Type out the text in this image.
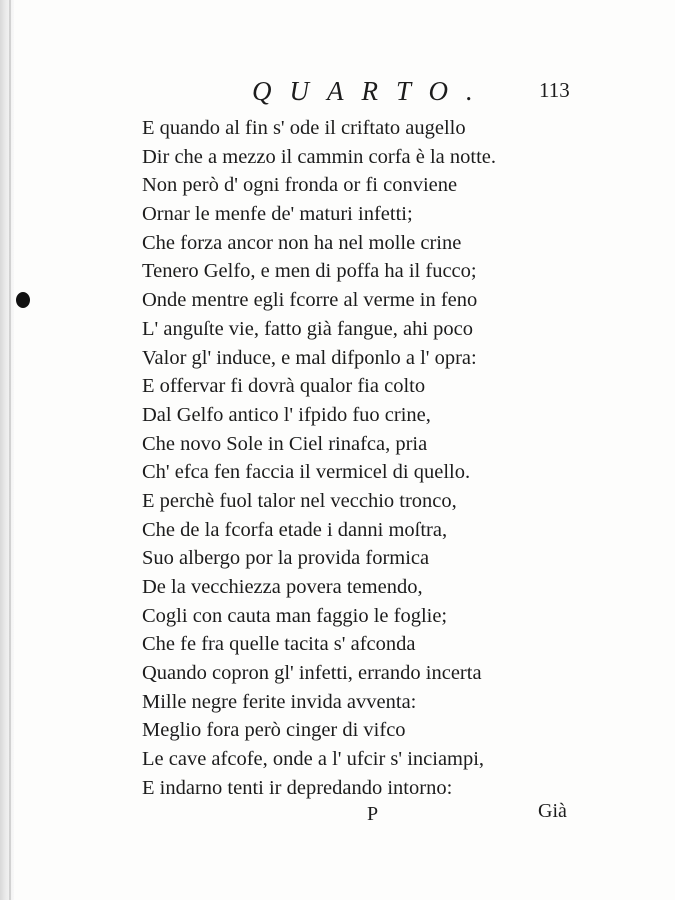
QUARTO. 113
E quando al fin s' ode il criftato augello
Dir che a mezzo il cammin corfa è la notte.
Non però d' ogni fronda or fi conviene
Ornar le menfe de' maturi infetti;
Che forza ancor non ha nel molle crine
Tenero Gelfo, e men di poffa ha il fucco;
Onde mentre egli fcorre al verme in feno
L' anguſte vie, fatto già fangue, ahi poco
Valor gl' induce, e mal difponlo a l' opra:
E offervar fi dovrà qualor fia colto
Dal Gelfo antico l' ifpido fuo crine,
Che novo Sole in Ciel rinafca, pria
Ch' efca fen faccia il vermicel di quello.
E perchè fuol talor nel vecchio tronco,
Che de la fcorfa etade i danni moſtra,
Suo albergo por la provida formica
De la vecchiezza povera temendo,
Cogli con cauta man faggio le foglie;
Che fe fra quelle tacita s' afconda
Quando copron gl' infetti, errando incerta
Mille negre ferite invida avventa:
Meglio fora però cinger di vifco
Le cave afcofe, onde a l' ufcir s' inciampi,
E indarno tenti ir depredando intorno:
P	Già
